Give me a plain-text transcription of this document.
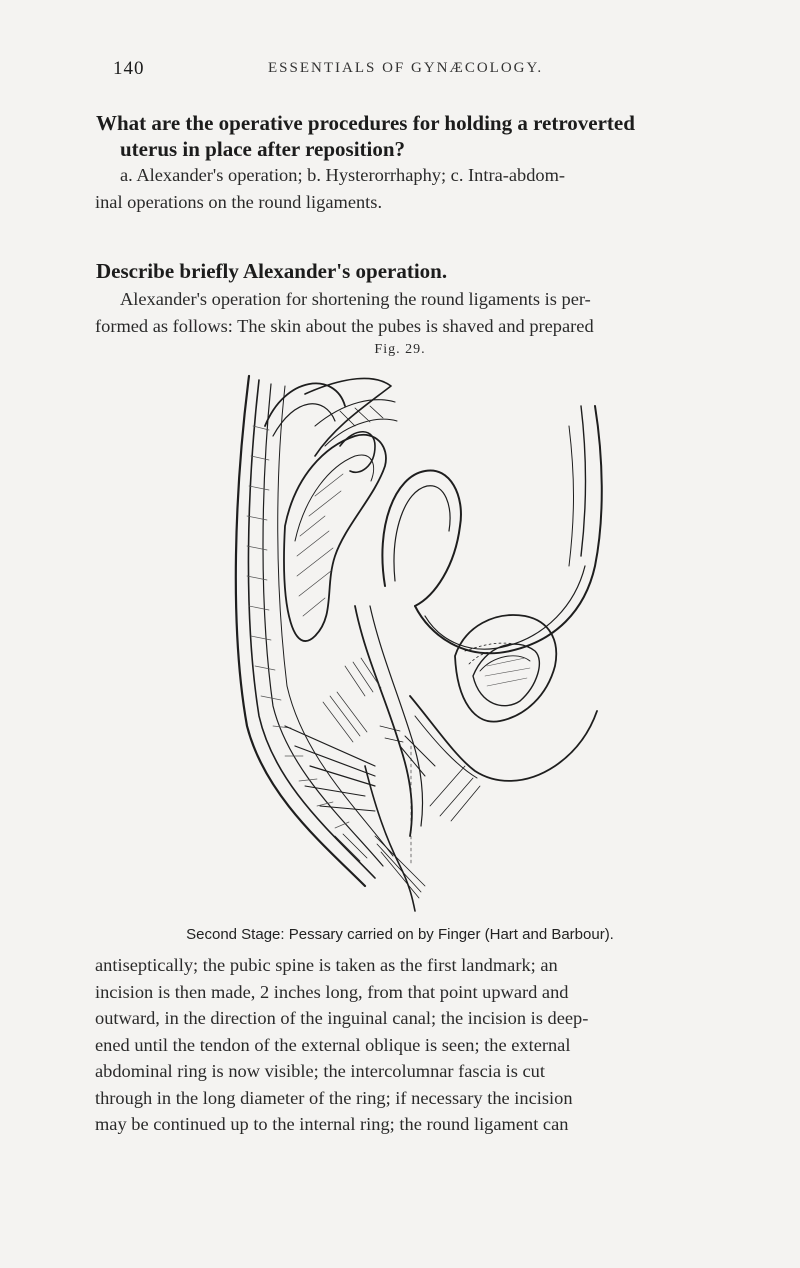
140	ESSENTIALS OF GYNÆCOLOGY.
What are the operative procedures for holding a retroverted
uterus in place after reposition?
a. Alexander's operation; b. Hysterorrhaphy; c. Intra-abdom-
inal operations on the round ligaments.
Describe briefly Alexander's operation.
Alexander's operation for shortening the round ligaments is per-
formed as follows: The skin about the pubes is shaved and prepared
Fig. 29.
Second Stage: Pessary carried on by Finger (Hart and Barbour).
antiseptically; the pubic spine is taken as the first landmark; an
incision is then made, 2 inches long, from that point upward and
outward, in the direction of the inguinal canal; the incision is deep-
ened until the tendon of the external oblique is seen; the external
abdominal ring is now visible; the intercolumnar fascia is cut
through in the long diameter of the ring; if necessary the incision
may be continued up to the internal ring; the round ligament can
